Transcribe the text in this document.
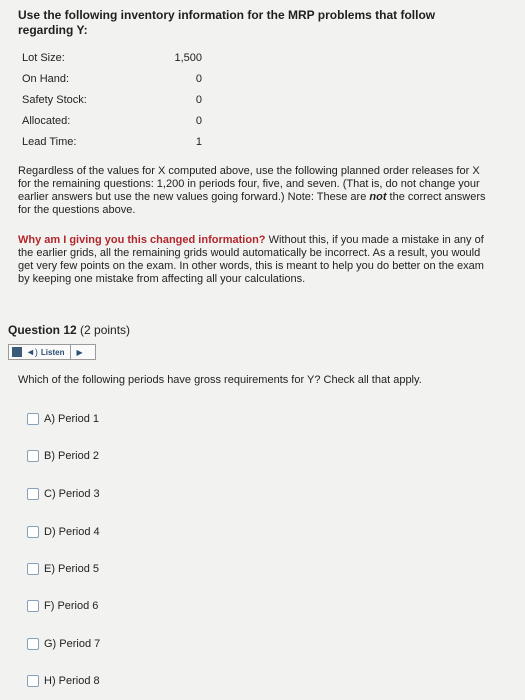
Use the following inventory information for the MRP problems that follow regarding Y:
Lot Size:	1,500
On Hand:	0
Safety Stock:	0
Allocated:	0
Lead Time:	1
Regardless of the values for X computed above, use the following planned order releases for X for the remaining questions: 1,200 in periods four, five, and seven. (That is, do not change your earlier answers but use the new values going forward.) Note: These are not the correct answers for the questions above.
Why am I giving you this changed information? Without this, if you made a mistake in any of the earlier grids, all the remaining grids would automatically be incorrect. As a result, you would get very few points on the exam. In other words, this is meant to help you do better on the exam by keeping one mistake from affecting all your calculations.
Question 12 (2 points)
◄) Listen ▶
Which of the following periods have gross requirements for Y? Check all that apply.
A) Period 1
B) Period 2
C) Period 3
D) Period 4
E) Period 5
F) Period 6
G) Period 7
H) Period 8
